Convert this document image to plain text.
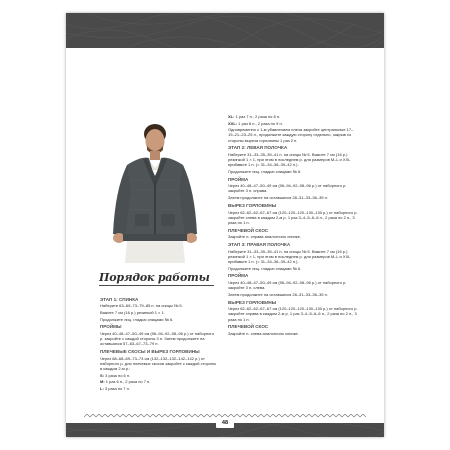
Порядок работы

ЭТАП 1: СПИНКА

Наберите 63–69–73–79–85 п. на спицы № 5.

Вяжите 7 см (16 р.) резинкой 1 × 1.

Продолжите лиц. гладью спицами № 6.

ПРОЙМЫ

Через 40–48–47–50–49 см (96–94–92–98–96 р.) от наборного р. закройте с каждой стороны 3 п. Затем продолжите на оставшихся 57–63–67–73–79 п.

ПЛЕЧЕВЫЕ СКОСЫ И ВЫРЕЗ ГОРЛОВИНЫ

Через 68–68–69–73–73 см (132–132–132–142–142 р.) от наборного р. для плечевых скосов закройте с каждой стороны в каждом 2-м р.:

S: 3 раза по 6 п.

M: 1 раз 6 п., 2 раза по 7 п.

L: 3 раза по 7 п.

XL: 1 раз 7 п., 2 раза по 8 п.

XXL: 1 раз 8 п., 2 раза по 9 п.

Одновременно с 1-м убавлением плеча закройте центральные 17–19–21–23–25 п., продолжите каждую сторону отдельно, закрыв со стороны выреза горловины 1 раз 2 п.

ЭТАП 2: ЛЕВАЯ ПОЛОЧКА

Наберите 31–33–35–39–41 п. на спицы № 5. Вяжите 7 см (16 р.) резинкой 1 × 1, при этом в последнем р. для размеров M–L и XXL прибавьте 1 п. (= 31–34–36–39–42 п.).

Продолжите лиц. гладью спицами № 6.

ПРОЙМА

Через 40–48–47–50–49 см (96–94–92–98–96 р.) от наборного р. закройте 3 п. справа.

Затем продолжите на оставшихся 28–31–33–36–39 п.

ВЫРЕЗ ГОРЛОВИНЫ

Через 62–62–62–67–67 см (120–120–120–130–130 р.) от наборного р. закройте слева в каждом 2-м р. 1 раз 3–4–5–6–6 п., 2 раза по 2 п., 3 раза по 1 п.

ПЛЕЧЕВОЙ СКОС

Закройте п. справа аналогично спинке.

ЭТАП 3: ПРАВАЯ ПОЛОЧКА

Наберите 31–33–35–39–41 п. на спицы № 5. Вяжите 7 см (16 р.) резинкой 1 × 1, при этом в последнем р. для размеров M–L и XXL прибавьте 1 п. (= 31–34–36–39–42 п.).

Продолжите лиц. гладью спицами № 6.

ПРОЙМА

Через 40–48–47–50–49 см (96–94–92–98–96 р.) от наборного р. закройте 3 п. слева.

Затем продолжите на оставшихся 28–31–33–36–39 п.

ВЫРЕЗ ГОРЛОВИНЫ

Через 62–62–62–67–67 см (120–120–120–130–130 р.) от наборного р. закройте справа в каждом 2-м р. 1 раз 3–4–5–6–6 п., 2 раза по 2 п., 3 раза по 1 п.

ПЛЕЧЕВОЙ СКОС

Закройте п. слева аналогично спинке.

48
